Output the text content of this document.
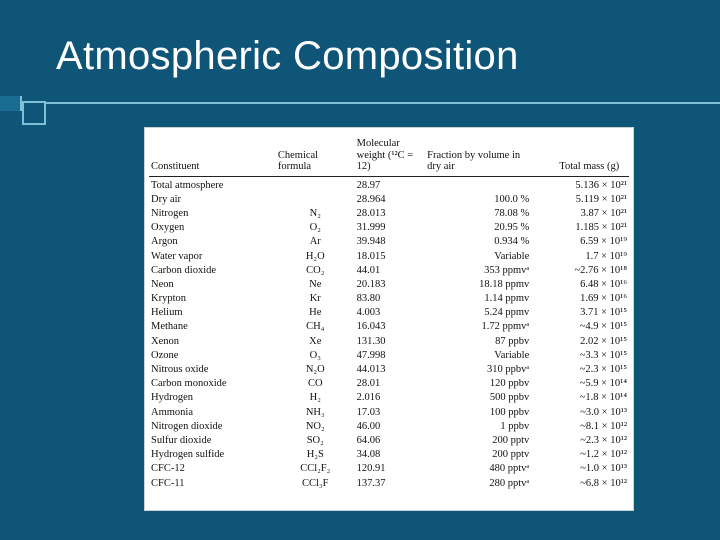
Atmospheric Composition
Constituent	Chemical formula	Molecular weight (¹²C = 12)	Fraction by volume in dry air	Total mass (g)
Total atmosphere		28.97		5.136 × 10²¹
Dry air		28.964	100.0 %	5.119 × 10²¹
Nitrogen	N₂	28.013	78.08 %	3.87 × 10²¹
Oxygen	O₂	31.999	20.95 %	1.185 × 10²¹
Argon	Ar	39.948	0.934 %	6.59 × 10¹⁹
Water vapor	H₂O	18.015	Variable	1.7 × 10¹⁹
Carbon dioxide	CO₂	44.01	353 ppmvᵃ	~2.76 × 10¹⁸
Neon	Ne	20.183	18.18 ppmv	6.48 × 10¹⁶
Krypton	Kr	83.80	1.14 ppmv	1.69 × 10¹⁶
Helium	He	4.003	5.24 ppmv	3.71 × 10¹⁵
Methane	CH₄	16.043	1.72 ppmvᵃ	~4.9 × 10¹⁵
Xenon	Xe	131.30	87 ppbv	2.02 × 10¹⁵
Ozone	O₃	47.998	Variable	~3.3 × 10¹⁵
Nitrous oxide	N₂O	44.013	310 ppbvᵃ	~2.3 × 10¹⁵
Carbon monoxide	CO	28.01	120 ppbv	~5.9 × 10¹⁴
Hydrogen	H₂	2.016	500 ppbv	~1.8 × 10¹⁴
Ammonia	NH₃	17.03	100 ppbv	~3.0 × 10¹³
Nitrogen dioxide	NO₂	46.00	1 ppbv	~8.1 × 10¹²
Sulfur dioxide	SO₂	64.06	200 pptv	~2.3 × 10¹²
Hydrogen sulfide	H₂S	34.08	200 pptv	~1.2 × 10¹²
CFC-12	CCl₂F₂	120.91	480 pptvᵃ	~1.0 × 10¹³
CFC-11	CCl₃F	137.37	280 pptvᵃ	~6.8 × 10¹²
